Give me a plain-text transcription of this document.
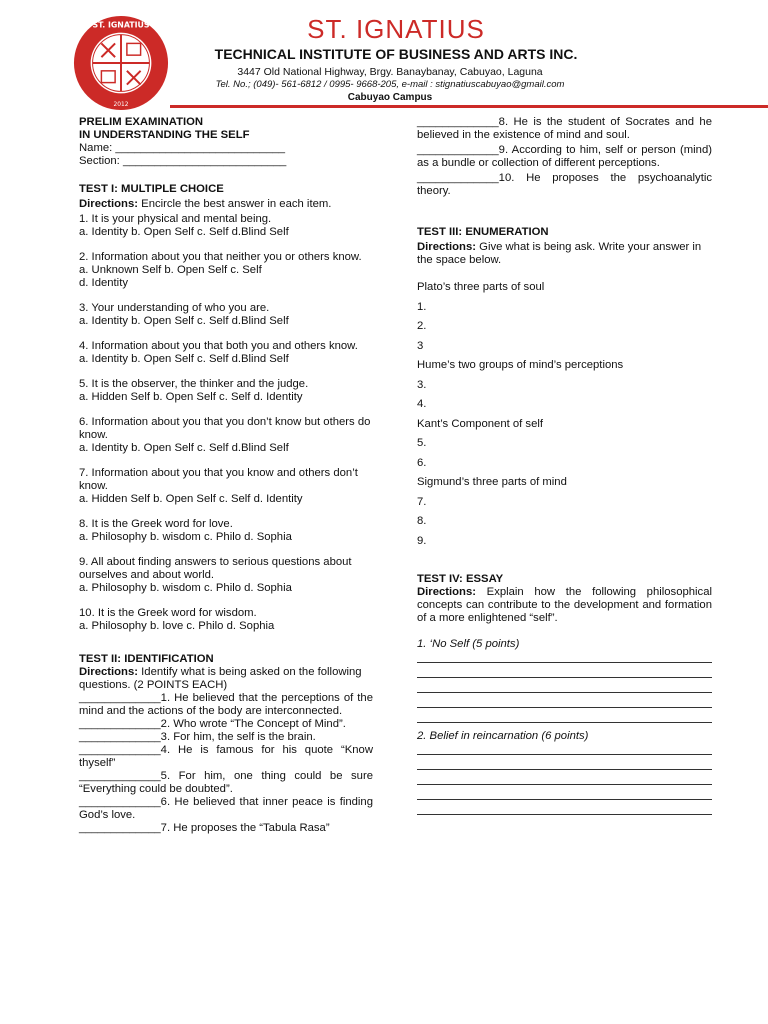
ST. IGNATIUS
2012
ST. IGNATIUS
TECHNICAL INSTITUTE OF BUSINESS AND ARTS INC.
3447 Old National Highway, Brgy. Banaybanay, Cabuyao, Laguna
Tel. No.; (049)- 561-6812 / 0995- 9668-205, e-mail : stignatiuscabuyao@gmail.com
Cabuyao Campus

PRELIM EXAMINATION

IN UNDERSTANDING THE SELF

Name: ___________________________

Section: __________________________

TEST I: MULTIPLE CHOICE

Directions: Encircle the best answer in each item.

1. It is your physical and mental being.

a. Identity b. Open Self c. Self d.Blind Self

2. Information about you that neither you or others know.

a. Unknown Self b. Open Self c. Self

d. Identity

3. Your understanding of who you are.

a. Identity b. Open Self c. Self d.Blind Self

4. Information about you that both you and others know.

a. Identity b. Open Self c. Self d.Blind Self

5. It is the observer, the thinker and the judge.

a. Hidden Self b. Open Self c. Self d. Identity

6. Information about you that you don’t know but others do know.

a. Identity b. Open Self c. Self d.Blind Self

7. Information about you that you know and others don’t know.

a. Hidden Self b. Open Self c. Self d. Identity

8. It is the Greek word for love.

a. Philosophy b. wisdom c. Philo d. Sophia

9. All about finding answers to serious questions about ourselves and about world.

a. Philosophy b. wisdom c. Philo d. Sophia

10. It is the Greek word for wisdom.

a. Philosophy b. love c. Philo d. Sophia

TEST II: IDENTIFICATION

Directions: Identify what is being asked on the following questions. (2 POINTS EACH)

_____________1. He believed that the perceptions of the mind and the actions of the body are interconnected.

_____________2. Who wrote “The Concept of Mind”.

_____________3. For him, the self is the brain.

_____________4. He is famous for his quote “Know thyself”

_____________5. For him, one thing could be sure “Everything could be doubted”.

_____________6. He believed that inner peace is finding God’s love.

_____________7. He proposes the “Tabula Rasa”

_____________8. He is the student of Socrates and he believed in the existence of mind and soul.

_____________9. According to him, self or person (mind) as a bundle or collection of different perceptions.

_____________10. He proposes the psychoanalytic theory.

TEST III: ENUMERATION

Directions: Give what is being ask. Write your answer in the space below.

Plato’s three parts of soul

1.

2.

3

Hume’s two groups of mind’s perceptions

3.

4.

Kant’s Component of self

5.

6.

Sigmund’s three parts of mind

7.

8.

9.

TEST IV: ESSAY

Directions: Explain how the following philosophical concepts can contribute to the development and formation of a more enlightened “self”.

1. ‘No Self (5 points)

2. Belief in reincarnation (6 points)
